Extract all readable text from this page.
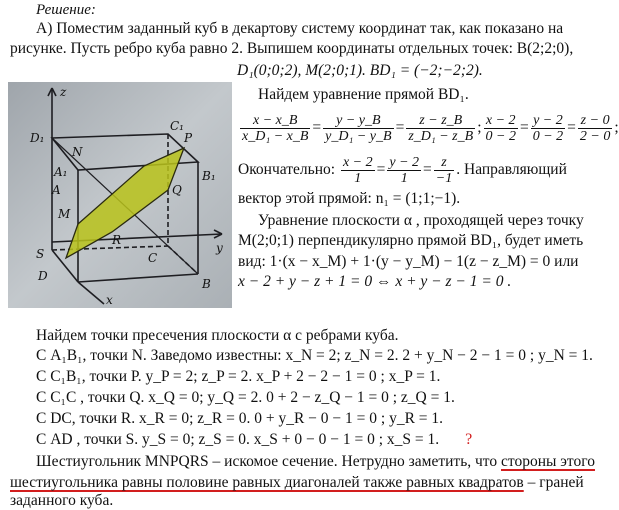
Решение:
А) Поместим заданный куб в декартову систему координат так, как показано на
рисунке. Пусть ребро куба равно 2. Выпишем координаты отдельных точек: B(2;2;0),
D₁(0;0;2), M(2;0;1). BD₁ = (−2;−2;2).
z
D₁
C₁
P
B₁
N
A₁
Q
M
A
R
S	y
B
x
D
C
Найдем уравнение прямой BD₁.
$\frac{x - x\_B}{\text{x\_D₁ − x\_B}} = \frac{y - y\_B}{\text{y\_D₁ − y\_B}} = \frac{z - z\_B}{\text{z\_D₁ − z\_B}}$ ; $\frac{x - 2}{0 - 2} = \frac{y - 2}{0 - 2} = \frac{z - 0}{2 - 0}$ ;
Окончательно:
$\frac{x - 2}{1} = \frac{y - 2}{1} = \frac{z}{-1}$ . Направляющий
вектор этой прямой: n₁ = (1;1;−1).
Уравнение плоскости α , проходящей через точку
M(2;0;1) перпендикулярно прямой BD₁, будет иметь
вид: 1·(x − x_M) + 1·(y − y_M) − 1(z − z_M) = 0 или
x − 2 + y − z + 1 = 0 ⇔ x + y − z − 1 = 0 .
Найдем точки пресечения плоскости α с ребрами куба.
С A₁B₁, точки N. Заведомо известны: x_N = 2; z_N = 2. 2 + y_N − 2 − 1 = 0 ; y_N = 1.
С C₁B₁, точки P. y_P = 2; z_P = 2. x_P + 2 − 2 − 1 = 0 ; x_P = 1.
С C₁C , точки Q. x_Q = 0; y_Q = 2. 0 + 2 − z_Q − 1 = 0 ; z_Q = 1.
С DC, точки R. x_R = 0; z_R = 0. 0 + y_R − 0 − 1 = 0 ; y_R = 1.
С AD , точки S. y_S = 0; z_S = 0. x_S + 0 − 0 − 1 = 0 ; x_S = 1. ?
Шестиугольник MNPQRS – искомое сечение. Нетрудно заметить, что стороны этого
шестиугольника равны половине равных диагоналей также равных квадратов – граней
заданного куба.
